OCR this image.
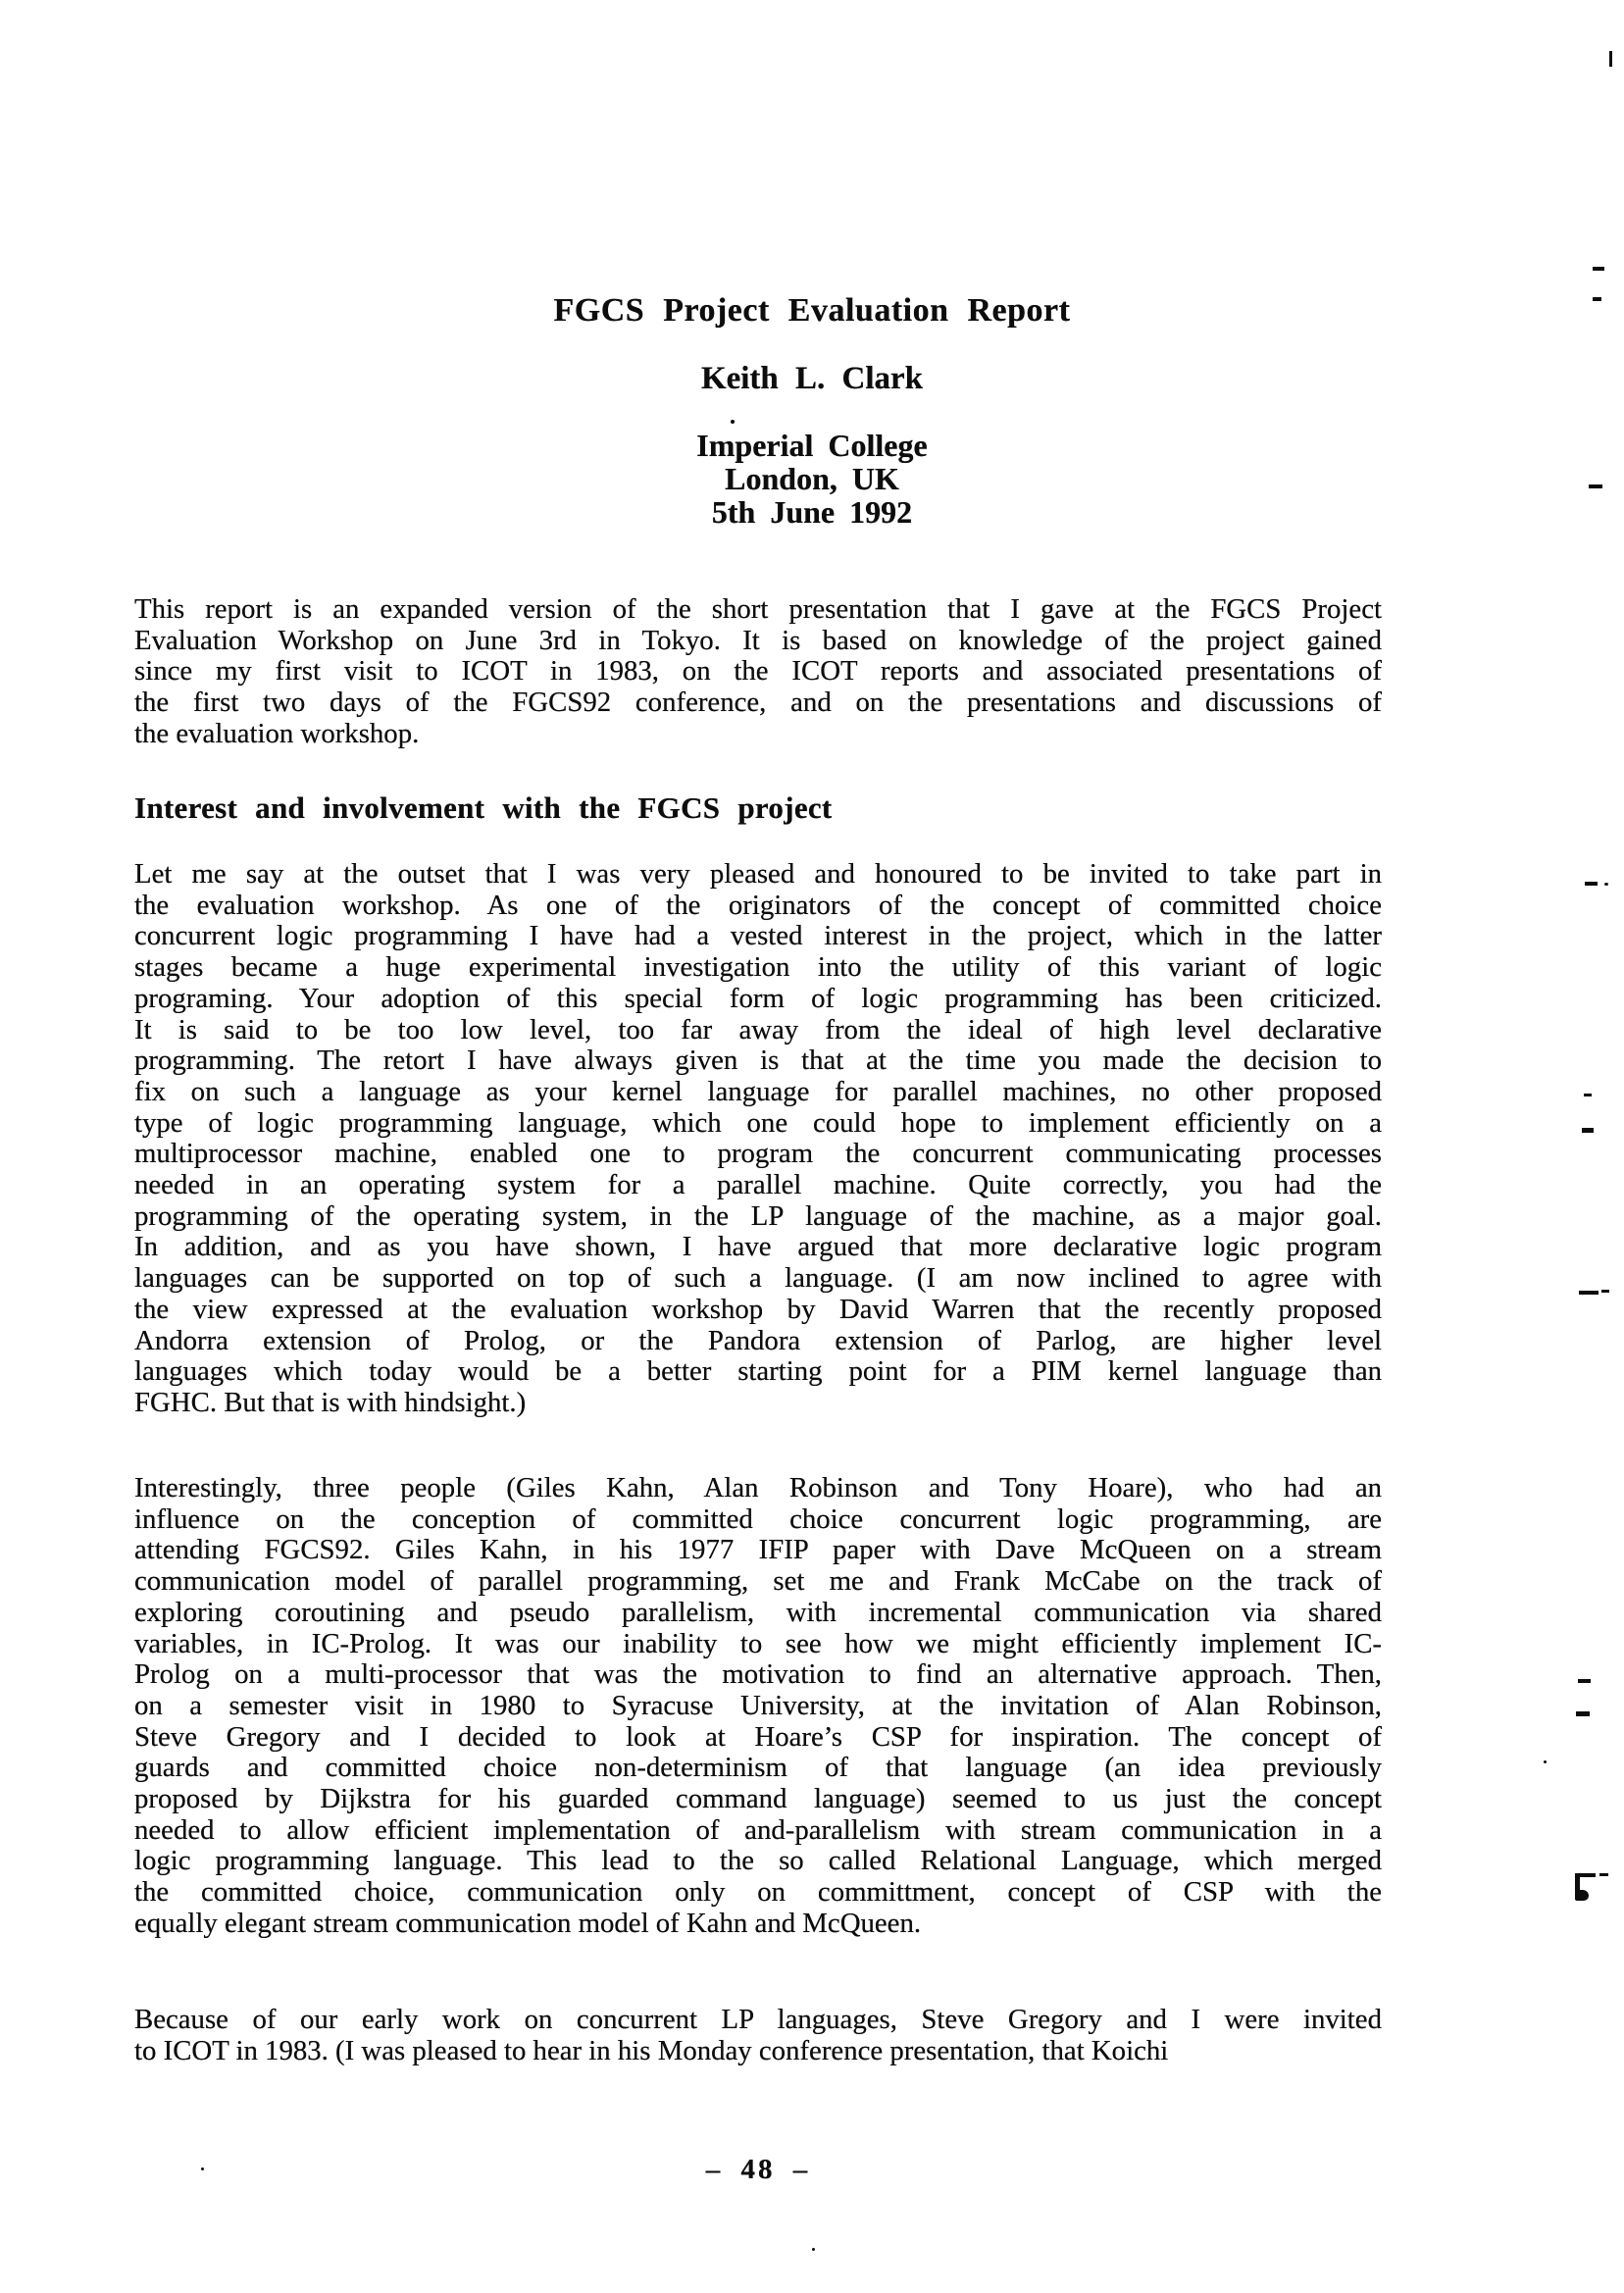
FGCS Project Evaluation Report
Keith L. Clark
Imperial College
London, UK
5th June 1992
This report is an expanded version of the short presentation that I gave at the FGCS Project
Evaluation Workshop on June 3rd in Tokyo. It is based on knowledge of the project gained
since my first visit to ICOT in 1983, on the ICOT reports and associated presentations of
the first two days of the FGCS92 conference, and on the presentations and discussions of
the evaluation workshop.
Interest and involvement with the FGCS project
Let me say at the outset that I was very pleased and honoured to be invited to take part in
the evaluation workshop. As one of the originators of the concept of committed choice
concurrent logic programming I have had a vested interest in the project, which in the latter
stages became a huge experimental investigation into the utility of this variant of logic
programing. Your adoption of this special form of logic programming has been criticized.
It is said to be too low level, too far away from the ideal of high level declarative
programming. The retort I have always given is that at the time you made the decision to
fix on such a language as your kernel language for parallel machines, no other proposed
type of logic programming language, which one could hope to implement efficiently on a
multiprocessor machine, enabled one to program the concurrent communicating processes
needed in an operating system for a parallel machine. Quite correctly, you had the
programming of the operating system, in the LP language of the machine, as a major goal.
In addition, and as you have shown, I have argued that more declarative logic program
languages can be supported on top of such a language. (I am now inclined to agree with
the view expressed at the evaluation workshop by David Warren that the recently proposed
Andorra extension of Prolog, or the Pandora extension of Parlog, are higher level
languages which today would be a better starting point for a PIM kernel language than
FGHC. But that is with hindsight.)
Interestingly, three people (Giles Kahn, Alan Robinson and Tony Hoare), who had an
influence on the conception of committed choice concurrent logic programming, are
attending FGCS92. Giles Kahn, in his 1977 IFIP paper with Dave McQueen on a stream
communication model of parallel programming, set me and Frank McCabe on the track of
exploring coroutining and pseudo parallelism, with incremental communication via shared
variables, in IC-Prolog. It was our inability to see how we might efficiently implement IC-
Prolog on a multi-processor that was the motivation to find an alternative approach. Then,
on a semester visit in 1980 to Syracuse University, at the invitation of Alan Robinson,
Steve Gregory and I decided to look at Hoare’s CSP for inspiration. The concept of
guards and committed choice non-determinism of that language (an idea previously
proposed by Dijkstra for his guarded command language) seemed to us just the concept
needed to allow efficient implementation of and-parallelism with stream communication in a
logic programming language. This lead to the so called Relational Language, which merged
the committed choice, communication only on committment, concept of CSP with the
equally elegant stream communication model of Kahn and McQueen.
Because of our early work on concurrent LP languages, Steve Gregory and I were invited
to ICOT in 1983. (I was pleased to hear in his Monday conference presentation, that Koichi
– 48 –
